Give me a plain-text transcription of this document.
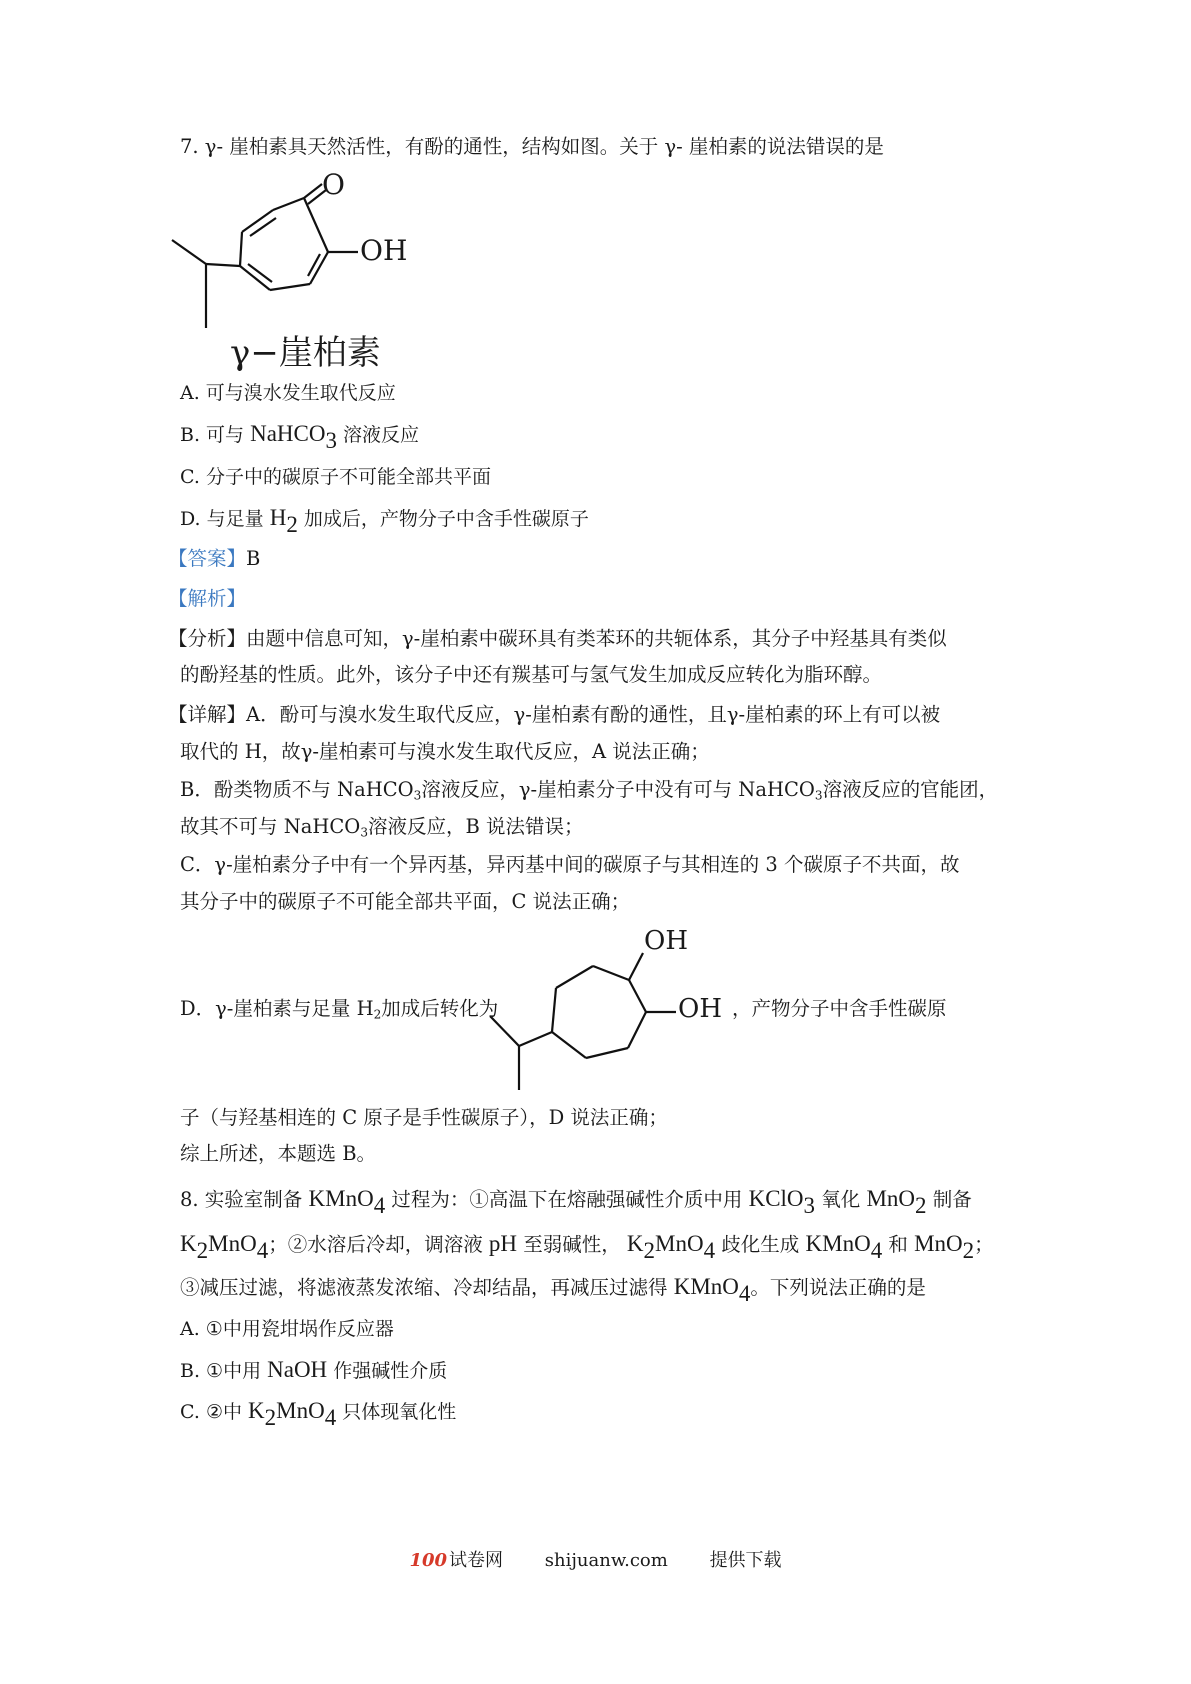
7. γ- 崖柏素具天然活性，有酚的通性，结构如图。关于 γ- 崖柏素的说法错误的是
γ−崖柏素
O
OH
A. 可与溴水发生取代反应
B. 可与 NaHCO$_3$ 溶液反应
C. 分子中的碳原子不可能全部共平面
D. 与足量 $H_2$ 加成后，产物分子中含手性碳原子
【答案】B
【解析】
【分析】由题中信息可知，γ-崖柏素中碳环具有类苯环的共轭体系，其分子中羟基具有类似
的酚羟基的性质。此外，该分子中还有羰基可与氢气发生加成反应转化为脂环醇。
【详解】A．酚可与溴水发生取代反应，γ-崖柏素有酚的通性，且γ-崖柏素的环上有可以被
取代的 H，故γ-崖柏素可与溴水发生取代反应，A 说法正确；
B．酚类物质不与 NaHCO$_3$溶液反应，γ-崖柏素分子中没有可与 NaHCO$_3$溶液反应的官能团，
故其不可与 NaHCO$_3$溶液反应，B 说法错误；
C．γ-崖柏素分子中有一个异丙基，异丙基中间的碳原子与其相连的 3 个碳原子不共面，故
其分子中的碳原子不可能全部共平面，C 说法正确；
D．γ-崖柏素与足量 $H_2$加成后转化为	，产物分子中含手性碳原
OH
OH
子（与羟基相连的 C 原子是手性碳原子），D 说法正确；
综上所述，本题选 B。
8. 实验室制备 KMnO$_4$ 过程为：①高温下在熔融强碱性介质中用 KClO$_3$ 氧化 MnO$_2$ 制备
$K_2MnO_4$；②水溶后冷却，调溶液 pH 至弱碱性， $K_2MnO_4$ 歧化生成 KMnO$_4$ 和 MnO$_2$；
③减压过滤，将滤液蒸发浓缩、冷却结晶，再减压过滤得 KMnO$_4$。下列说法正确的是
A. ①中用瓷坩埚作反应器
B. ①中用 NaOH 作强碱性介质
C. ②中 $K_2MnO_4$ 只体现氧化性
100 试卷网 shijuanw.com 提供下载
